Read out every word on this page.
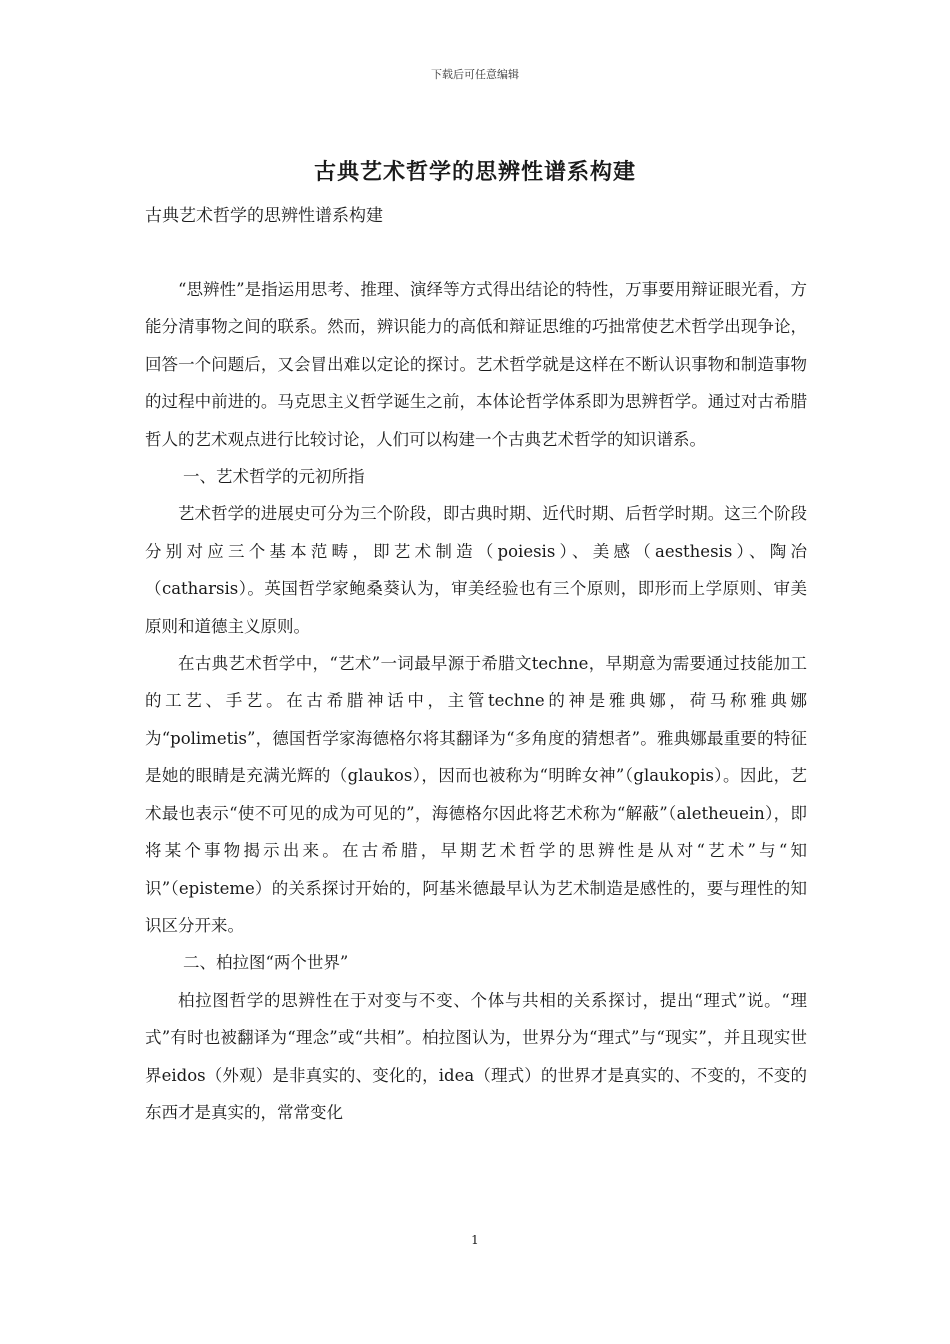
下载后可任意编辑
古典艺术哲学的思辨性谱系构建

古典艺术哲学的思辨性谱系构建

“思辨性”是指运用思考、推理、演绎等方式得出结论的特性，万事要用辩证眼光看，方能分清事物之间的联系。然而，辨识能力的高低和辩证思维的巧拙常使艺术哲学出现争论，回答一个问题后，又会冒出难以定论的探讨。艺术哲学就是这样在不断认识事物和制造事物的过程中前进的。马克思主义哲学诞生之前，本体论哲学体系即为思辨哲学。通过对古希腊哲人的艺术观点进行比较讨论，人们可以构建一个古典艺术哲学的知识谱系。

一、艺术哲学的元初所指

艺术哲学的进展史可分为三个阶段，即古典时期、近代时期、后哲学时期。这三个阶段分别对应三个基本范畴，即艺术制造（poiesis）、美感（aesthesis）、陶冶（catharsis）。英国哲学家鲍桑葵认为，审美经验也有三个原则，即形而上学原则、审美原则和道德主义原则。

在古典艺术哲学中，“艺术”一词最早源于希腊文techne，早期意为需要通过技能加工的工艺、手艺。在古希腊神话中，主管techne的神是雅典娜，荷马称雅典娜为“polimetis”，德国哲学家海德格尔将其翻译为“多角度的猜想者”。雅典娜最重要的特征是她的眼睛是充满光辉的（glaukos），因而也被称为“明眸女神”（glaukopis）。因此，艺术最也表示“使不可见的成为可见的”，海德格尔因此将艺术称为“解蔽”（aletheuein），即将某个事物揭示出来。在古希腊，早期艺术哲学的思辨性是从对“艺术”与“知识”（episteme）的关系探讨开始的，阿基米德最早认为艺术制造是感性的，要与理性的知识区分开来。

二、柏拉图“两个世界”

柏拉图哲学的思辨性在于对变与不变、个体与共相的关系探讨，提出“理式”说。“理式”有时也被翻译为“理念”或“共相”。柏拉图认为，世界分为“理式”与“现实”，并且现实世界eidos（外观）是非真实的、变化的，idea（理式）的世界才是真实的、不变的，不变的东西才是真实的，常常变化

1
